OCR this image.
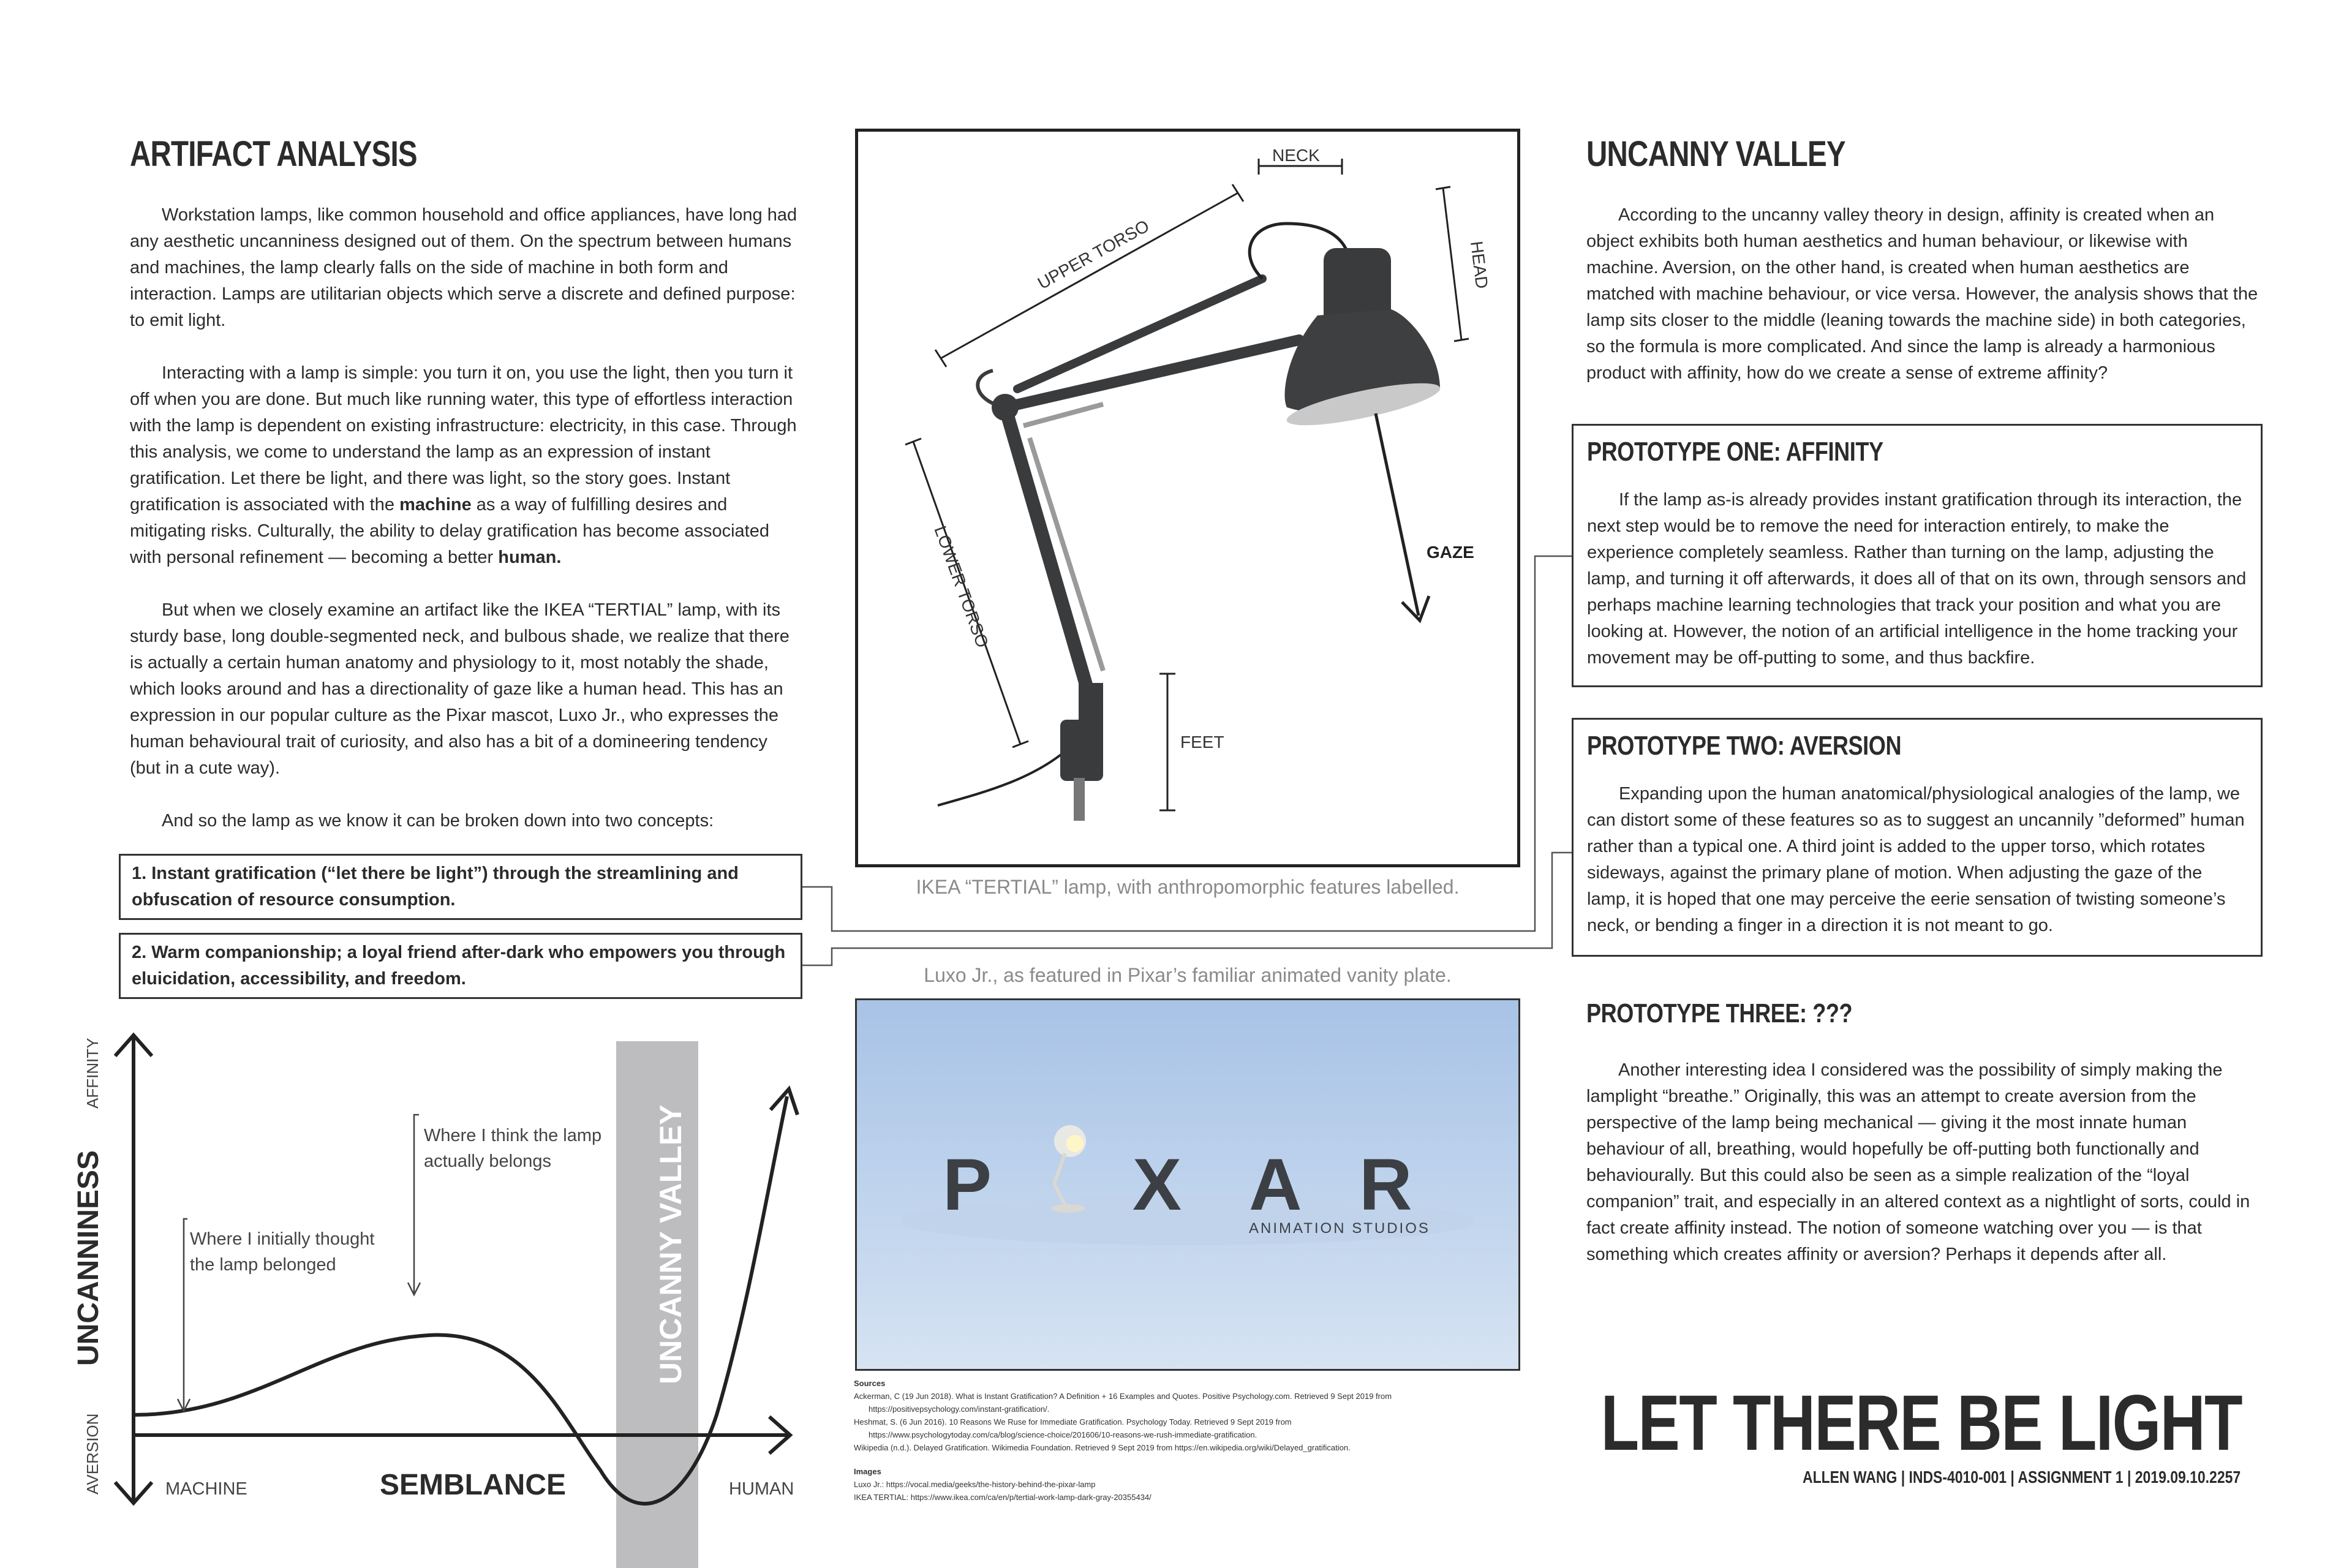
ARTIFACT ANALYSIS

Workstation lamps, like common household and office appliances, have long had any aesthetic uncanniness designed out of them. On the spectrum between humans and machines, the lamp clearly falls on the side of machine in both form and interaction. Lamps are utilitarian objects which serve a discrete and defined purpose: to emit light.

Interacting with a lamp is simple: you turn it on, you use the light, then you turn it off when you are done. But much like running water, this type of effortless interaction with the lamp is dependent on existing infrastructure: electricity, in this case. Through this analysis, we come to understand the lamp as an expression of instant gratification. Let there be light, and there was light, so the story goes. Instant gratification is associated with the machine as a way of fulfilling desires and mitigating risks. Culturally, the ability to delay gratification has become associated with personal refinement — becoming a better human.

But when we closely examine an artifact like the IKEA “TERTIAL” lamp, with its sturdy base, long double-segmented neck, and bulbous shade, we realize that there is actually a certain human anatomy and physiology to it, most notably the shade, which looks around and has a directionality of gaze like a human head. This has an expression in our popular culture as the Pixar mascot, Luxo Jr., who expresses the human behavioural trait of curiosity, and also has a bit of a domineering tendency (but in a cute way).

And so the lamp as we know it can be broken down into two concepts:

1. Instant gratification (“let there be light”) through the streamlining and obfuscation of resource consumption.
2. Warm companionship; a loyal friend after-dark who empowers you through eluicidation, accessibility, and freedom.
UNCANNY VALLEY
AFFINITY
AVERSION
UNCANNINESS
MACHINE	SEMBLANCE	HUMAN
Where I initially thought
the lamp belonged
Where I think the lamp
actually belongs
UPPER TORSO
NECK
HEAD
LOWER TORSO	GAZE
FEET
IKEA “TERTIAL” lamp, with anthropomorphic features labelled.
Luxo Jr., as featured in Pixar’s familiar animated vanity plate.
P X A R
ANIMATION STUDIOS
Sources
Ackerman, C (19 Jun 2018). What is Instant Gratification? A Definition + 16 Examples and Quotes. Positive Psychology.com. Retrieved 9 Sept 2019 from
https://positivepsychology.com/instant-gratification/.
Heshmat, S. (6 Jun 2016). 10 Reasons We Ruse for Immediate Gratification. Psychology Today. Retrieved 9 Sept 2019 from
https://www.psychologytoday.com/ca/blog/science-choice/201606/10-reasons-we-rush-immediate-gratification.
Wikipedia (n.d.). Delayed Gratification. Wikimedia Foundation. Retrieved 9 Sept 2019 from https://en.wikipedia.org/wiki/Delayed_gratification.
Images
Luxo Jr.: https://vocal.media/geeks/the-history-behind-the-pixar-lamp
IKEA TERTIAL: https://www.ikea.com/ca/en/p/tertial-work-lamp-dark-gray-20355434/
UNCANNY VALLEY

According to the uncanny valley theory in design, affinity is created when an object exhibits both human aesthetics and human behaviour, or likewise with machine. Aversion, on the other hand, is created when human aesthetics are matched with machine behaviour, or vice versa. However, the analysis shows that the lamp sits closer to the middle (leaning towards the machine side) in both categories, so the formula is more complicated. And since the lamp is already a harmonious product with affinity, how do we create a sense of extreme affinity?

PROTOTYPE ONE: AFFINITY

If the lamp as-is already provides instant gratification through its interaction, the next step would be to remove the need for interaction entirely, to make the experience completely seamless. Rather than turning on the lamp, adjusting the lamp, and turning it off afterwards, it does all of that on its own, through sensors and perhaps machine learning technologies that track your position and what you are looking at. However, the notion of an artificial intelligence in the home tracking your movement may be off-putting to some, and thus backfire.

PROTOTYPE TWO: AVERSION

Expanding upon the human anatomical/physiological analogies of the lamp, we can distort some of these features so as to suggest an uncannily ”deformed” human rather than a typical one. A third joint is added to the upper torso, which rotates sideways, against the primary plane of motion. When adjusting the gaze of the lamp, it is hoped that one may perceive the eerie sensation of twisting someone’s neck, or bending a finger in a direction it is not meant to go.

PROTOTYPE THREE: ???

Another interesting idea I considered was the possibility of simply making the lamplight “breathe.” Originally, this was an attempt to create aversion from the perspective of the lamp being mechanical — giving it the most innate human behaviour of all, breathing, would hopefully be off-putting both functionally and behaviourally. But this could also be seen as a simple realization of the “loyal companion” trait, and especially in an altered context as a nightlight of sorts, could in fact create affinity instead. The notion of someone watching over you — is that something which creates affinity or aversion? Perhaps it depends after all.

LET THERE BE LIGHT
ALLEN WANG | INDS-4010-001 | ASSIGNMENT 1 | 2019.09.10.2257
